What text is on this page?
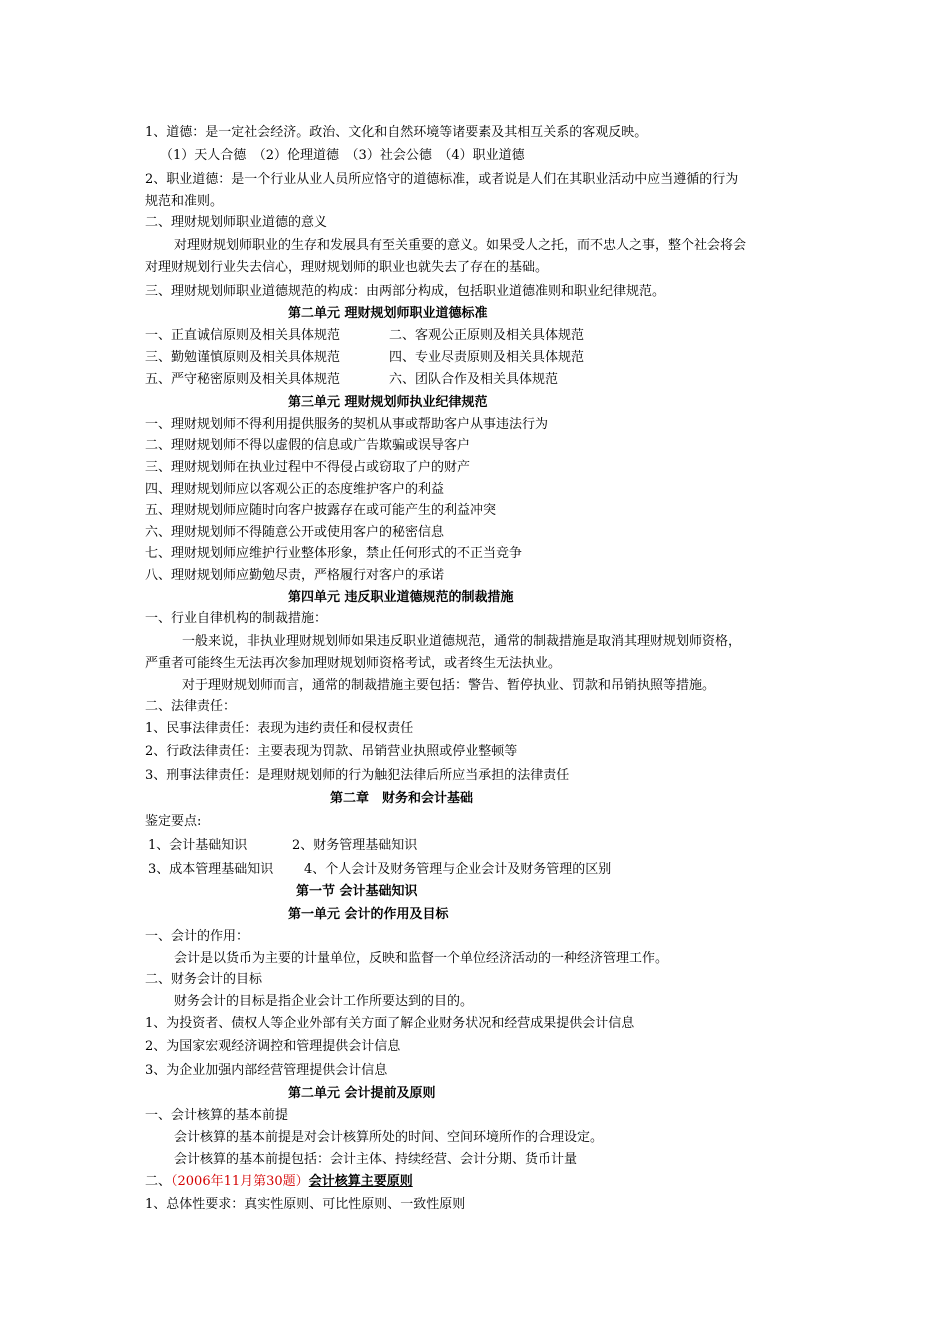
1、道德：是一定社会经济。政治、文化和自然环境等诸要素及其相互关系的客观反映。
（1）天人合德　（2）伦理道德　（3）社会公德　（4）职业道德
2、职业道德：是一个行业从业人员所应恪守的道德标准，或者说是人们在其职业活动中应当遵循的行为
规范和准则。
二、理财规划师职业道德的意义
对理财规划师职业的生存和发展具有至关重要的意义。如果受人之托，而不忠人之事，整个社会将会
对理财规划行业失去信心，理财规划师的职业也就失去了存在的基础。
三、理财规划师职业道德规范的构成：由两部分构成，包括职业道德准则和职业纪律规范。
第二单元 理财规划师职业道德标准
一、正直诚信原则及相关具体规范	二、客观公正原则及相关具体规范
三、勤勉谨慎原则及相关具体规范	四、专业尽责原则及相关具体规范
五、严守秘密原则及相关具体规范	六、团队合作及相关具体规范
第三单元 理财规划师执业纪律规范
一、理财规划师不得利用提供服务的契机从事或帮助客户从事违法行为
二、理财规划师不得以虚假的信息或广告欺骗或误导客户
三、理财规划师在执业过程中不得侵占或窃取了户的财产
四、理财规划师应以客观公正的态度维护客户的利益
五、理财规划师应随时向客户披露存在或可能产生的利益冲突
六、理财规划师不得随意公开或使用客户的秘密信息
七、理财规划师应维护行业整体形象，禁止任何形式的不正当竞争
八、理财规划师应勤勉尽责，严格履行对客户的承诺
第四单元 违反职业道德规范的制裁措施
一、行业自律机构的制裁措施：
一般来说，非执业理财规划师如果违反职业道德规范，通常的制裁措施是取消其理财规划师资格，
严重者可能终生无法再次参加理财规划师资格考试，或者终生无法执业。
对于理财规划师而言，通常的制裁措施主要包括：警告、暂停执业、罚款和吊销执照等措施。
二、法律责任：
1、民事法律责任：表现为违约责任和侵权责任
2、行政法律责任：主要表现为罚款、吊销营业执照或停业整顿等
3、刑事法律责任：是理财规划师的行为触犯法律后所应当承担的法律责任
第二章　财务和会计基础
鉴定要点:
1、会计基础知识	2、财务管理基础知识
3、成本管理基础知识 4、个人会计及财务管理与企业会计及财务管理的区别
第一节 会计基础知识
第一单元 会计的作用及目标
一、会计的作用：
会计是以货币为主要的计量单位，反映和监督一个单位经济活动的一种经济管理工作。
二、财务会计的目标
财务会计的目标是指企业会计工作所要达到的目的。
1、为投资者、债权人等企业外部有关方面了解企业财务状况和经营成果提供会计信息
2、为国家宏观经济调控和管理提供会计信息
3、为企业加强内部经营管理提供会计信息
第二单元 会计提前及原则
一、会计核算的基本前提
会计核算的基本前提是对会计核算所处的时间、空间环境所作的合理设定。
会计核算的基本前提包括：会计主体、持续经营、会计分期、货币计量
二、（2006年11月第30题）会计核算主要原则
1、总体性要求：真实性原则、可比性原则、一致性原则
